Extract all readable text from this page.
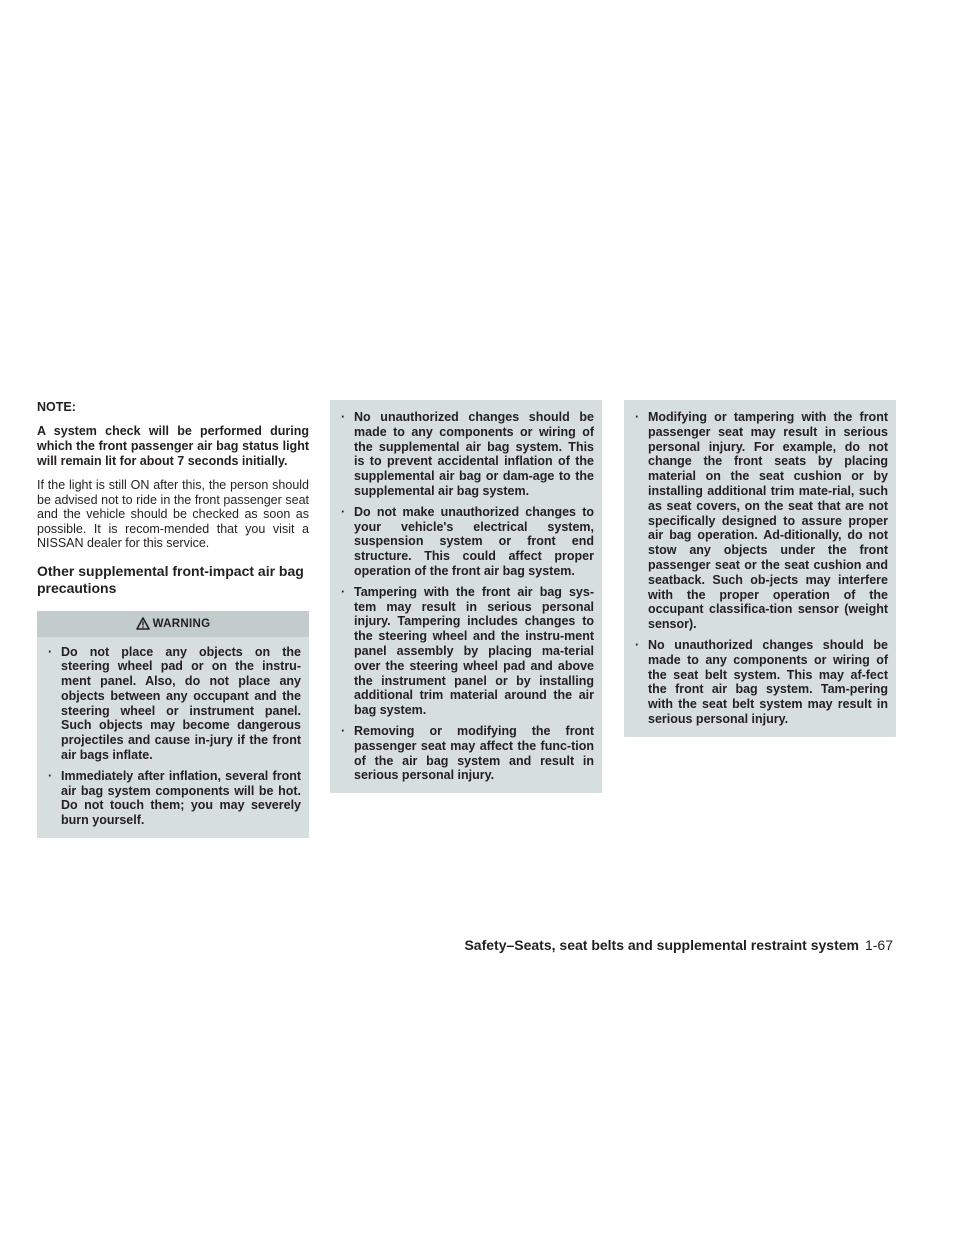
NOTE:

A system check will be performed during which the front passenger air bag status light will remain lit for about 7 seconds initially.

If the light is still ON after this, the person should be advised not to ride in the front passenger seat and the vehicle should be checked as soon as possible. It is recom-mended that you visit a NISSAN dealer for this service.

Other supplemental front-impact air bag precautions
WARNING
· Do not place any objects on the steering wheel pad or on the instru-ment panel. Also, do not place any objects between any occupant and the steering wheel or instrument panel. Such objects may become dangerous projectiles and cause in-jury if the front air bags inflate.
· Immediately after inflation, several front air bag system components will be hot. Do not touch them; you may severely burn yourself.
· No unauthorized changes should be made to any components or wiring of the supplemental air bag system. This is to prevent accidental inflation of the supplemental air bag or dam-age to the supplemental air bag system.
· Do not make unauthorized changes to your vehicle's electrical system, suspension system or front end structure. This could affect proper operation of the front air bag system.
· Tampering with the front air bag sys-tem may result in serious personal injury. Tampering includes changes to the steering wheel and the instru-ment panel assembly by placing ma-terial over the steering wheel pad and above the instrument panel or by installing additional trim material around the air bag system.
· Removing or modifying the front passenger seat may affect the func-tion of the air bag system and result in serious personal injury.
· Modifying or tampering with the front passenger seat may result in serious personal injury. For example, do not change the front seats by placing material on the seat cushion or by installing additional trim mate-rial, such as seat covers, on the seat that are not specifically designed to assure proper air bag operation. Ad-ditionally, do not stow any objects under the front passenger seat or the seat cushion and seatback. Such ob-jects may interfere with the proper operation of the occupant classifica-tion sensor (weight sensor).
· No unauthorized changes should be made to any components or wiring of the seat belt system. This may af-fect the front air bag system. Tam-pering with the seat belt system may result in serious personal injury.
Safety–Seats, seat belts and supplemental restraint system 1-67
